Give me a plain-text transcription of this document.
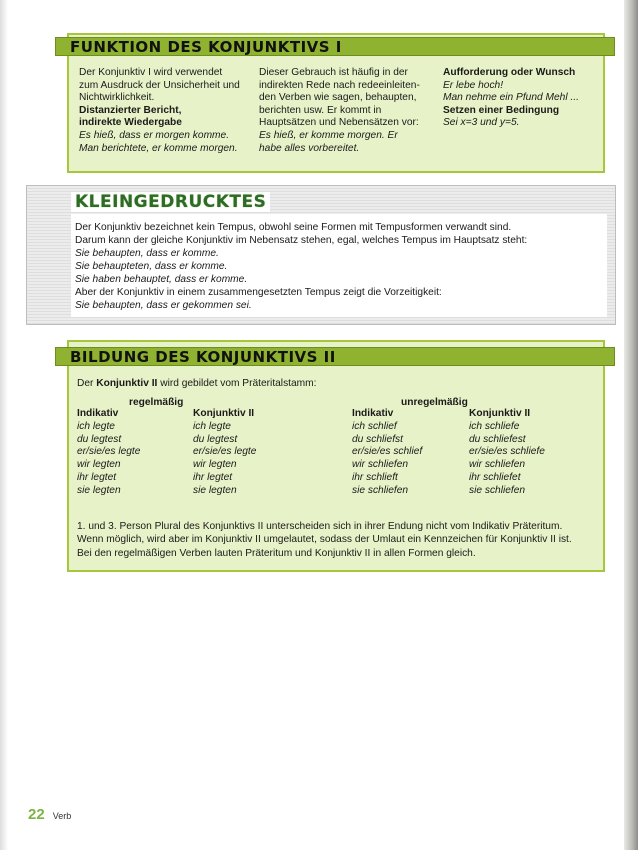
FUNKTION DES KONJUNKTIVS I
Der Konjunktiv I wird verwendet
zum Ausdruck der Unsicherheit und
Nichtwirklichkeit.
Distanzierter Bericht,
indirekte Wiedergabe
Es hieß, dass er morgen komme.
Man berichtete, er komme morgen.
Dieser Gebrauch ist häufig in der
indirekten Rede nach redeeinleiten-
den Verben wie sagen, behaupten,
berichten usw. Er kommt in
Hauptsätzen und Nebensätzen vor:
Es hieß, er komme morgen. Er
habe alles vorbereitet.
Aufforderung oder Wunsch
Er lebe hoch!
Man nehme ein Pfund Mehl ...
Setzen einer Bedingung
Sei x=3 und y=5.
KLEINGEDRUCKTES
Der Konjunktiv bezeichnet kein Tempus, obwohl seine Formen mit Tempusformen verwandt sind.
Darum kann der gleiche Konjunktiv im Nebensatz stehen, egal, welches Tempus im Hauptsatz steht:
Sie behaupten, dass er komme.
Sie behaupteten, dass er komme.
Sie haben behauptet, dass er komme.
Aber der Konjunktiv in einem zusammengesetzten Tempus zeigt die Vorzeitigkeit:
Sie behaupten, dass er gekommen sei.
BILDUNG DES KONJUNKTIVS II
Der Konjunktiv II wird gebildet vom Präteritalstamm:
regelmäßig	unregelmäßig
Indikativ
ich legte
du legtest
er/sie/es legte
wir legten
ihr legtet
sie legten
Konjunktiv II
ich legte
du legtest
er/sie/es legte
wir legten
ihr legtet
sie legten
Indikativ
ich schlief
du schliefst
er/sie/es schlief
wir schliefen
ihr schlieft
sie schliefen
Konjunktiv II
ich schliefe
du schliefest
er/sie/es schliefe
wir schliefen
ihr schliefet
sie schliefen
1. und 3. Person Plural des Konjunktivs II unterscheiden sich in ihrer Endung nicht vom Indikativ Präteritum.
Wenn möglich, wird aber im Konjunktiv II umgelautet, sodass der Umlaut ein Kennzeichen für Konjunktiv II ist.
Bei den regelmäßigen Verben lauten Präteritum und Konjunktiv II in allen Formen gleich.
22 Verb
